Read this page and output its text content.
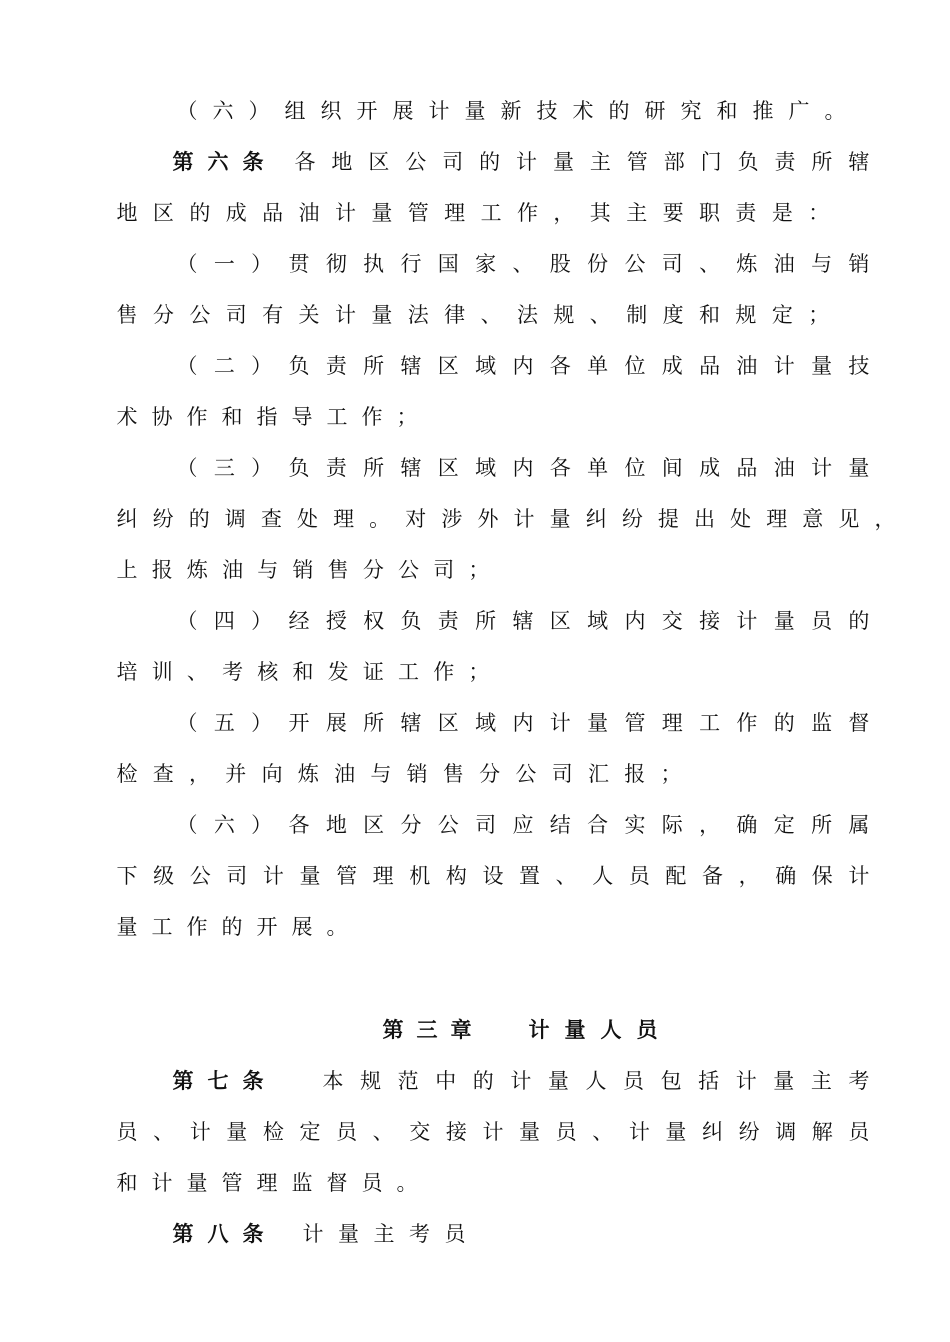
（ 六 ） 组 织 开 展 计 量 新 技 术 的 研 究 和 推 广 。
第 六 条 各 地 区 公 司 的 计 量 主 管 部 门 负 责 所 辖
地 区 的 成 品 油 计 量 管 理 工 作 ， 其 主 要 职 责 是 ：
（ 一 ） 贯 彻 执 行 国 家 、 股 份 公 司 、 炼 油 与 销
售 分 公 司 有 关 计 量 法 律 、 法 规 、 制 度 和 规 定 ；
（ 二 ） 负 责 所 辖 区 域 内 各 单 位 成 品 油 计 量 技
术 协 作 和 指 导 工 作 ；
（ 三 ） 负 责 所 辖 区 域 内 各 单 位 间 成 品 油 计 量
纠 纷 的 调 查 处 理 。 对 涉 外 计 量 纠 纷 提 出 处 理 意 见 ，
上 报 炼 油 与 销 售 分 公 司 ；
（ 四 ） 经 授 权 负 责 所 辖 区 域 内 交 接 计 量 员 的
培 训 、 考 核 和 发 证 工 作 ；
（ 五 ） 开 展 所 辖 区 域 内 计 量 管 理 工 作 的 监 督
检 查 ， 并 向 炼 油 与 销 售 分 公 司 汇 报 ；
（ 六 ） 各 地 区 分 公 司 应 结 合 实 际 ， 确 定 所 属
下 级 公 司 计 量 管 理 机 构 设 置 、 人 员 配 备 ， 确 保 计
量 工 作 的 开 展 。
第 三 章	计 量 人 员
第 七 条	本 规 范 中 的 计 量 人 员 包 括 计 量 主 考
员 、 计 量 检 定 员 、 交 接 计 量 员 、 计 量 纠 纷 调 解 员
和 计 量 管 理 监 督 员 。
第 八 条 计 量 主 考 员
